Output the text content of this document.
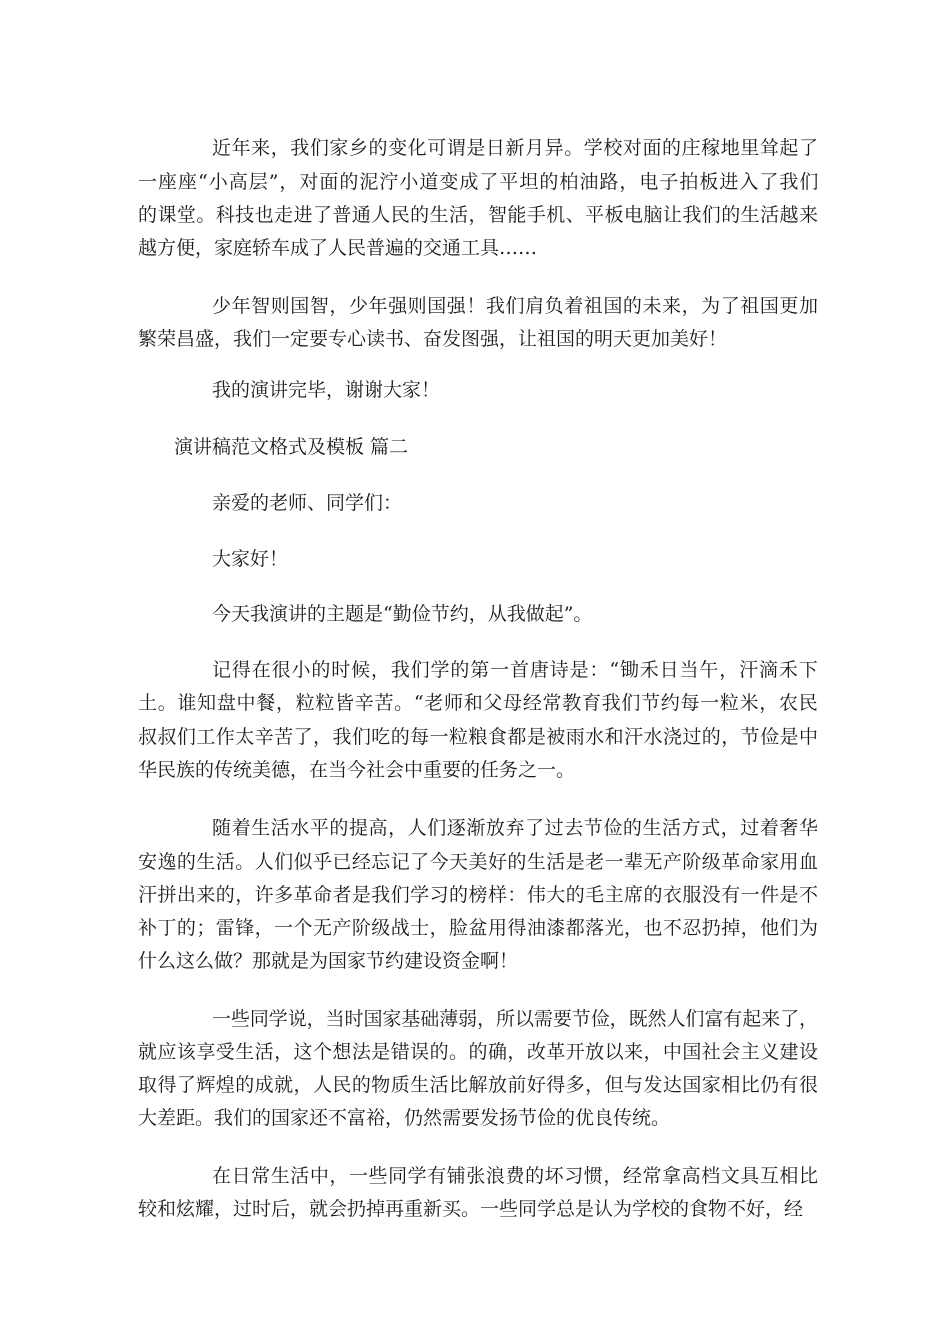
近年来，我们家乡的变化可谓是日新月异。学校对面的庄稼地里耸起了
一座座“小高层”，对面的泥泞小道变成了平坦的柏油路，电子拍板进入了我们
的课堂。科技也走进了普通人民的生活，智能手机、平板电脑让我们的生活越来
越方便，家庭轿车成了人民普遍的交通工具……
少年智则国智，少年强则国强！我们肩负着祖国的未来，为了祖国更加
繁荣昌盛，我们一定要专心读书、奋发图强，让祖国的明天更加美好！
我的演讲完毕，谢谢大家！
演讲稿范文格式及模板 篇二
亲爱的老师、同学们：
大家好！
今天我演讲的主题是“勤俭节约，从我做起”。
记得在很小的时候，我们学的第一首唐诗是：“锄禾日当午，汗滴禾下
土。谁知盘中餐，粒粒皆辛苦。“老师和父母经常教育我们节约每一粒米，农民
叔叔们工作太辛苦了，我们吃的每一粒粮食都是被雨水和汗水浇过的，节俭是中
华民族的传统美德，在当今社会中重要的任务之一。
随着生活水平的提高，人们逐渐放弃了过去节俭的生活方式，过着奢华
安逸的生活。人们似乎已经忘记了今天美好的生活是老一辈无产阶级革命家用血
汗拼出来的，许多革命者是我们学习的榜样：伟大的毛主席的衣服没有一件是不
补丁的；雷锋，一个无产阶级战士，脸盆用得油漆都落光，也不忍扔掉，他们为
什么这么做？那就是为国家节约建设资金啊！
一些同学说，当时国家基础薄弱，所以需要节俭，既然人们富有起来了，
就应该享受生活，这个想法是错误的。的确，改革开放以来，中国社会主义建设
取得了辉煌的成就，人民的物质生活比解放前好得多，但与发达国家相比仍有很
大差距。我们的国家还不富裕，仍然需要发扬节俭的优良传统。
在日常生活中，一些同学有铺张浪费的坏习惯，经常拿高档文具互相比
较和炫耀，过时后，就会扔掉再重新买。一些同学总是认为学校的食物不好，经
